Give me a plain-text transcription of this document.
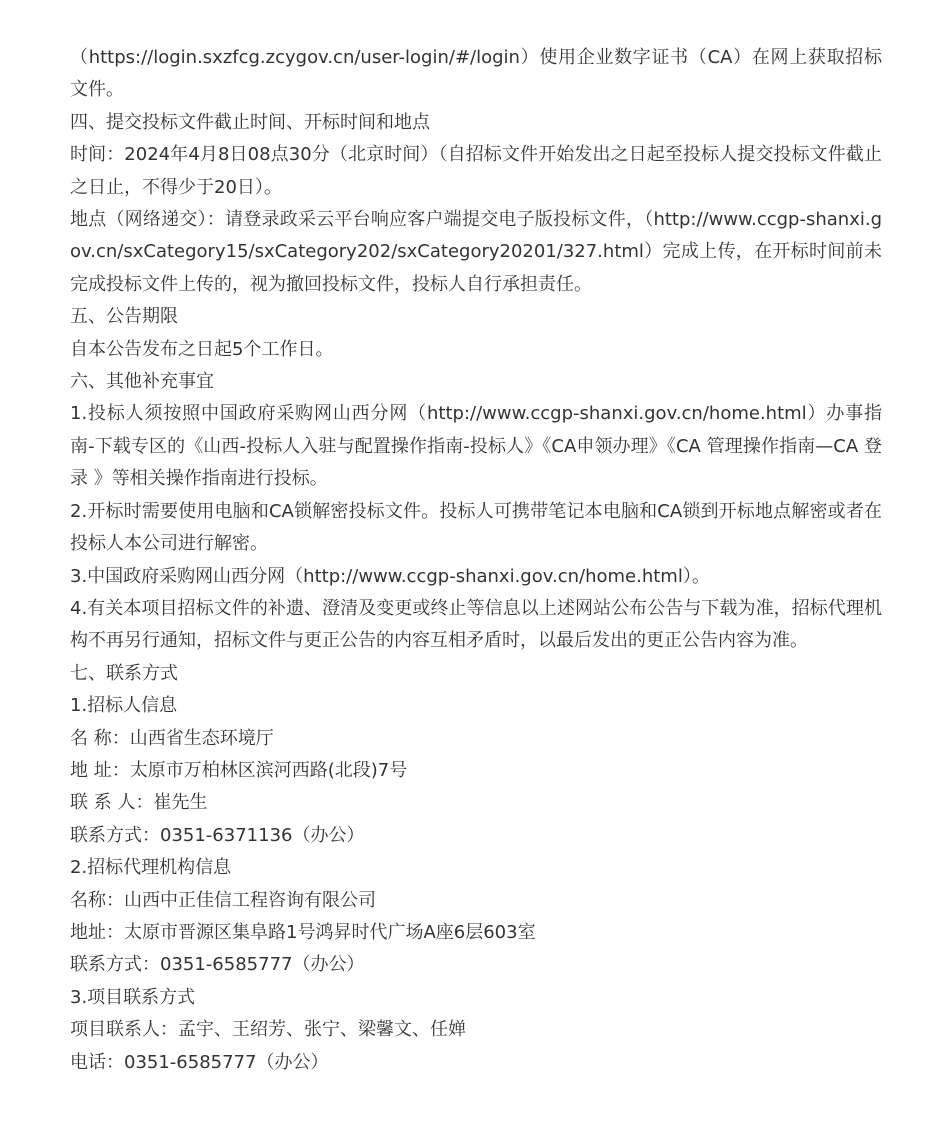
（https://login.sxzfcg.zcygov.cn/user-login/#/login）使用企业数字证书（CA）在网上获取招标文件。

四、提交投标文件截止时间、开标时间和地点

时间：2024年4月8日08点30分（北京时间）（自招标文件开始发出之日起至投标人提交投标文件截止之日止，不得少于20日）。

地点（网络递交）：请登录政采云平台响应客户端提交电子版投标文件，（http://www.ccgp-shanxi.gov.cn/sxCategory15/sxCategory202/sxCategory20201/327.html）完成上传，在开标时间前未完成投标文件上传的，视为撤回投标文件，投标人自行承担责任。

五、公告期限

自本公告发布之日起5个工作日。

六、其他补充事宜

1.投标人须按照中国政府采购网山西分网（http://www.ccgp-shanxi.gov.cn/home.html）办事指南-下载专区的《山西-投标人入驻与配置操作指南-投标人》《CA申领办理》《CA 管理操作指南—CA 登录 》等相关操作指南进行投标。

2.开标时需要使用电脑和CA锁解密投标文件。投标人可携带笔记本电脑和CA锁到开标地点解密或者在投标人本公司进行解密。

3.中国政府采购网山西分网（http://www.ccgp-shanxi.gov.cn/home.html）。

4.有关本项目招标文件的补遗、澄清及变更或终止等信息以上述网站公布公告与下载为准，招标代理机构不再另行通知，招标文件与更正公告的内容互相矛盾时，以最后发出的更正公告内容为准。

七、联系方式

1.招标人信息

名 称：山西省生态环境厅

地 址：太原市万柏林区滨河西路(北段)7号

联 系 人：崔先生

联系方式：0351-6371136（办公）

2.招标代理机构信息

名称：山西中正佳信工程咨询有限公司

地址：太原市晋源区集阜路1号鸿昇时代广场A座6层603室

联系方式：0351-6585777（办公）

3.项目联系方式

项目联系人：孟宇、王绍芳、张宁、梁馨文、任婵

电话：0351-6585777（办公）
